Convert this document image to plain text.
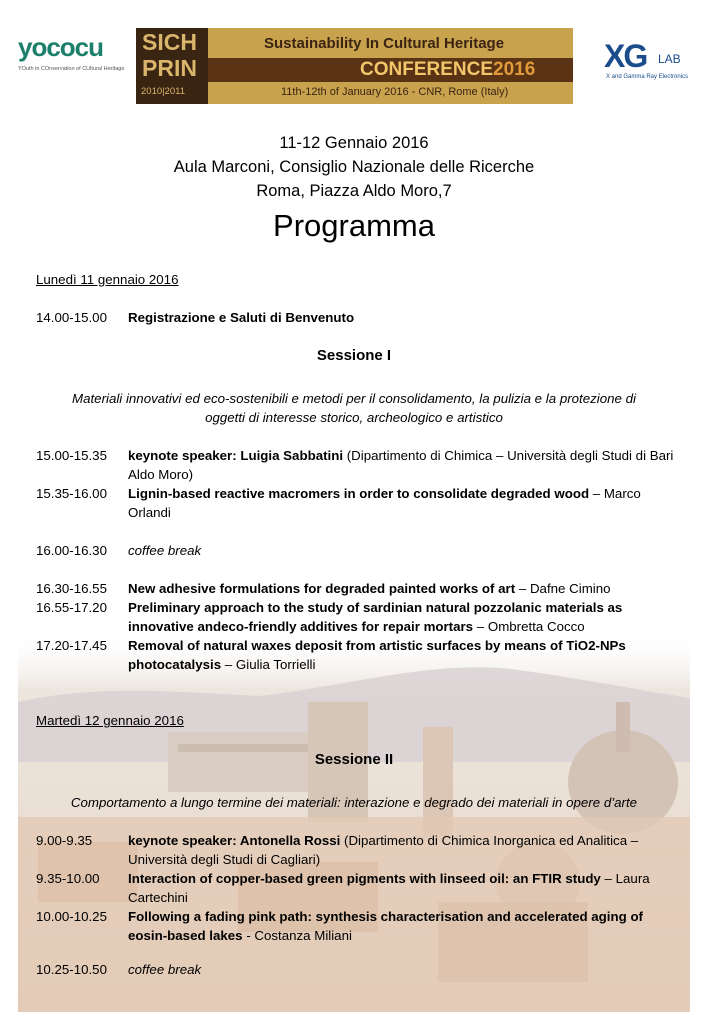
yococu
YOuth in COnservation of CUltural Heritage
SICH
PRIN
2010|2011
Sustainability In Cultural Heritage
CONFERENCE2016
11th-12th of January 2016 - CNR, Rome (Italy)
XG LAB
X and Gamma Ray Electronics
11-12 Gennaio 2016
Aula Marconi, Consiglio Nazionale delle Ricerche
Roma, Piazza Aldo Moro,7
Programma
Lunedì 11 gennaio 2016
14.00-15.00	Registrazione e Saluti di Benvenuto
Sessione I
Materiali innovativi ed eco-sostenibili e metodi per il consolidamento, la pulizia e la protezione di
oggetti di interesse storico, archeologico e artistico
15.00-15.35	keynote speaker: Luigia Sabbatini (Dipartimento di Chimica – Università degli Studi di Bari Aldo Moro)
15.35-16.00	Lignin-based reactive macromers in order to consolidate degraded wood – Marco Orlandi
16.00-16.30	coffee break
16.30-16.55	New adhesive formulations for degraded painted works of art – Dafne Cimino
16.55-17.20	Preliminary approach to the study of sardinian natural pozzolanic materials as innovative andeco-friendly additives for repair mortars – Ombretta Cocco
17.20-17.45	Removal of natural waxes deposit from artistic surfaces by means of TiO2-NPs photocatalysis – Giulia Torrielli
Martedì 12 gennaio 2016
Sessione II
Comportamento a lungo termine dei materiali: interazione e degrado dei materiali in opere d’arte
9.00-9.35	keynote speaker: Antonella Rossi (Dipartimento di Chimica Inorganica ed Analitica – Università degli Studi di Cagliari)
9.35-10.00	Interaction of copper-based green pigments with linseed oil: an FTIR study – Laura Cartechini
10.00-10.25	Following a fading pink path: synthesis characterisation and accelerated aging of eosin-based lakes - Costanza Miliani
10.25-10.50	coffee break
